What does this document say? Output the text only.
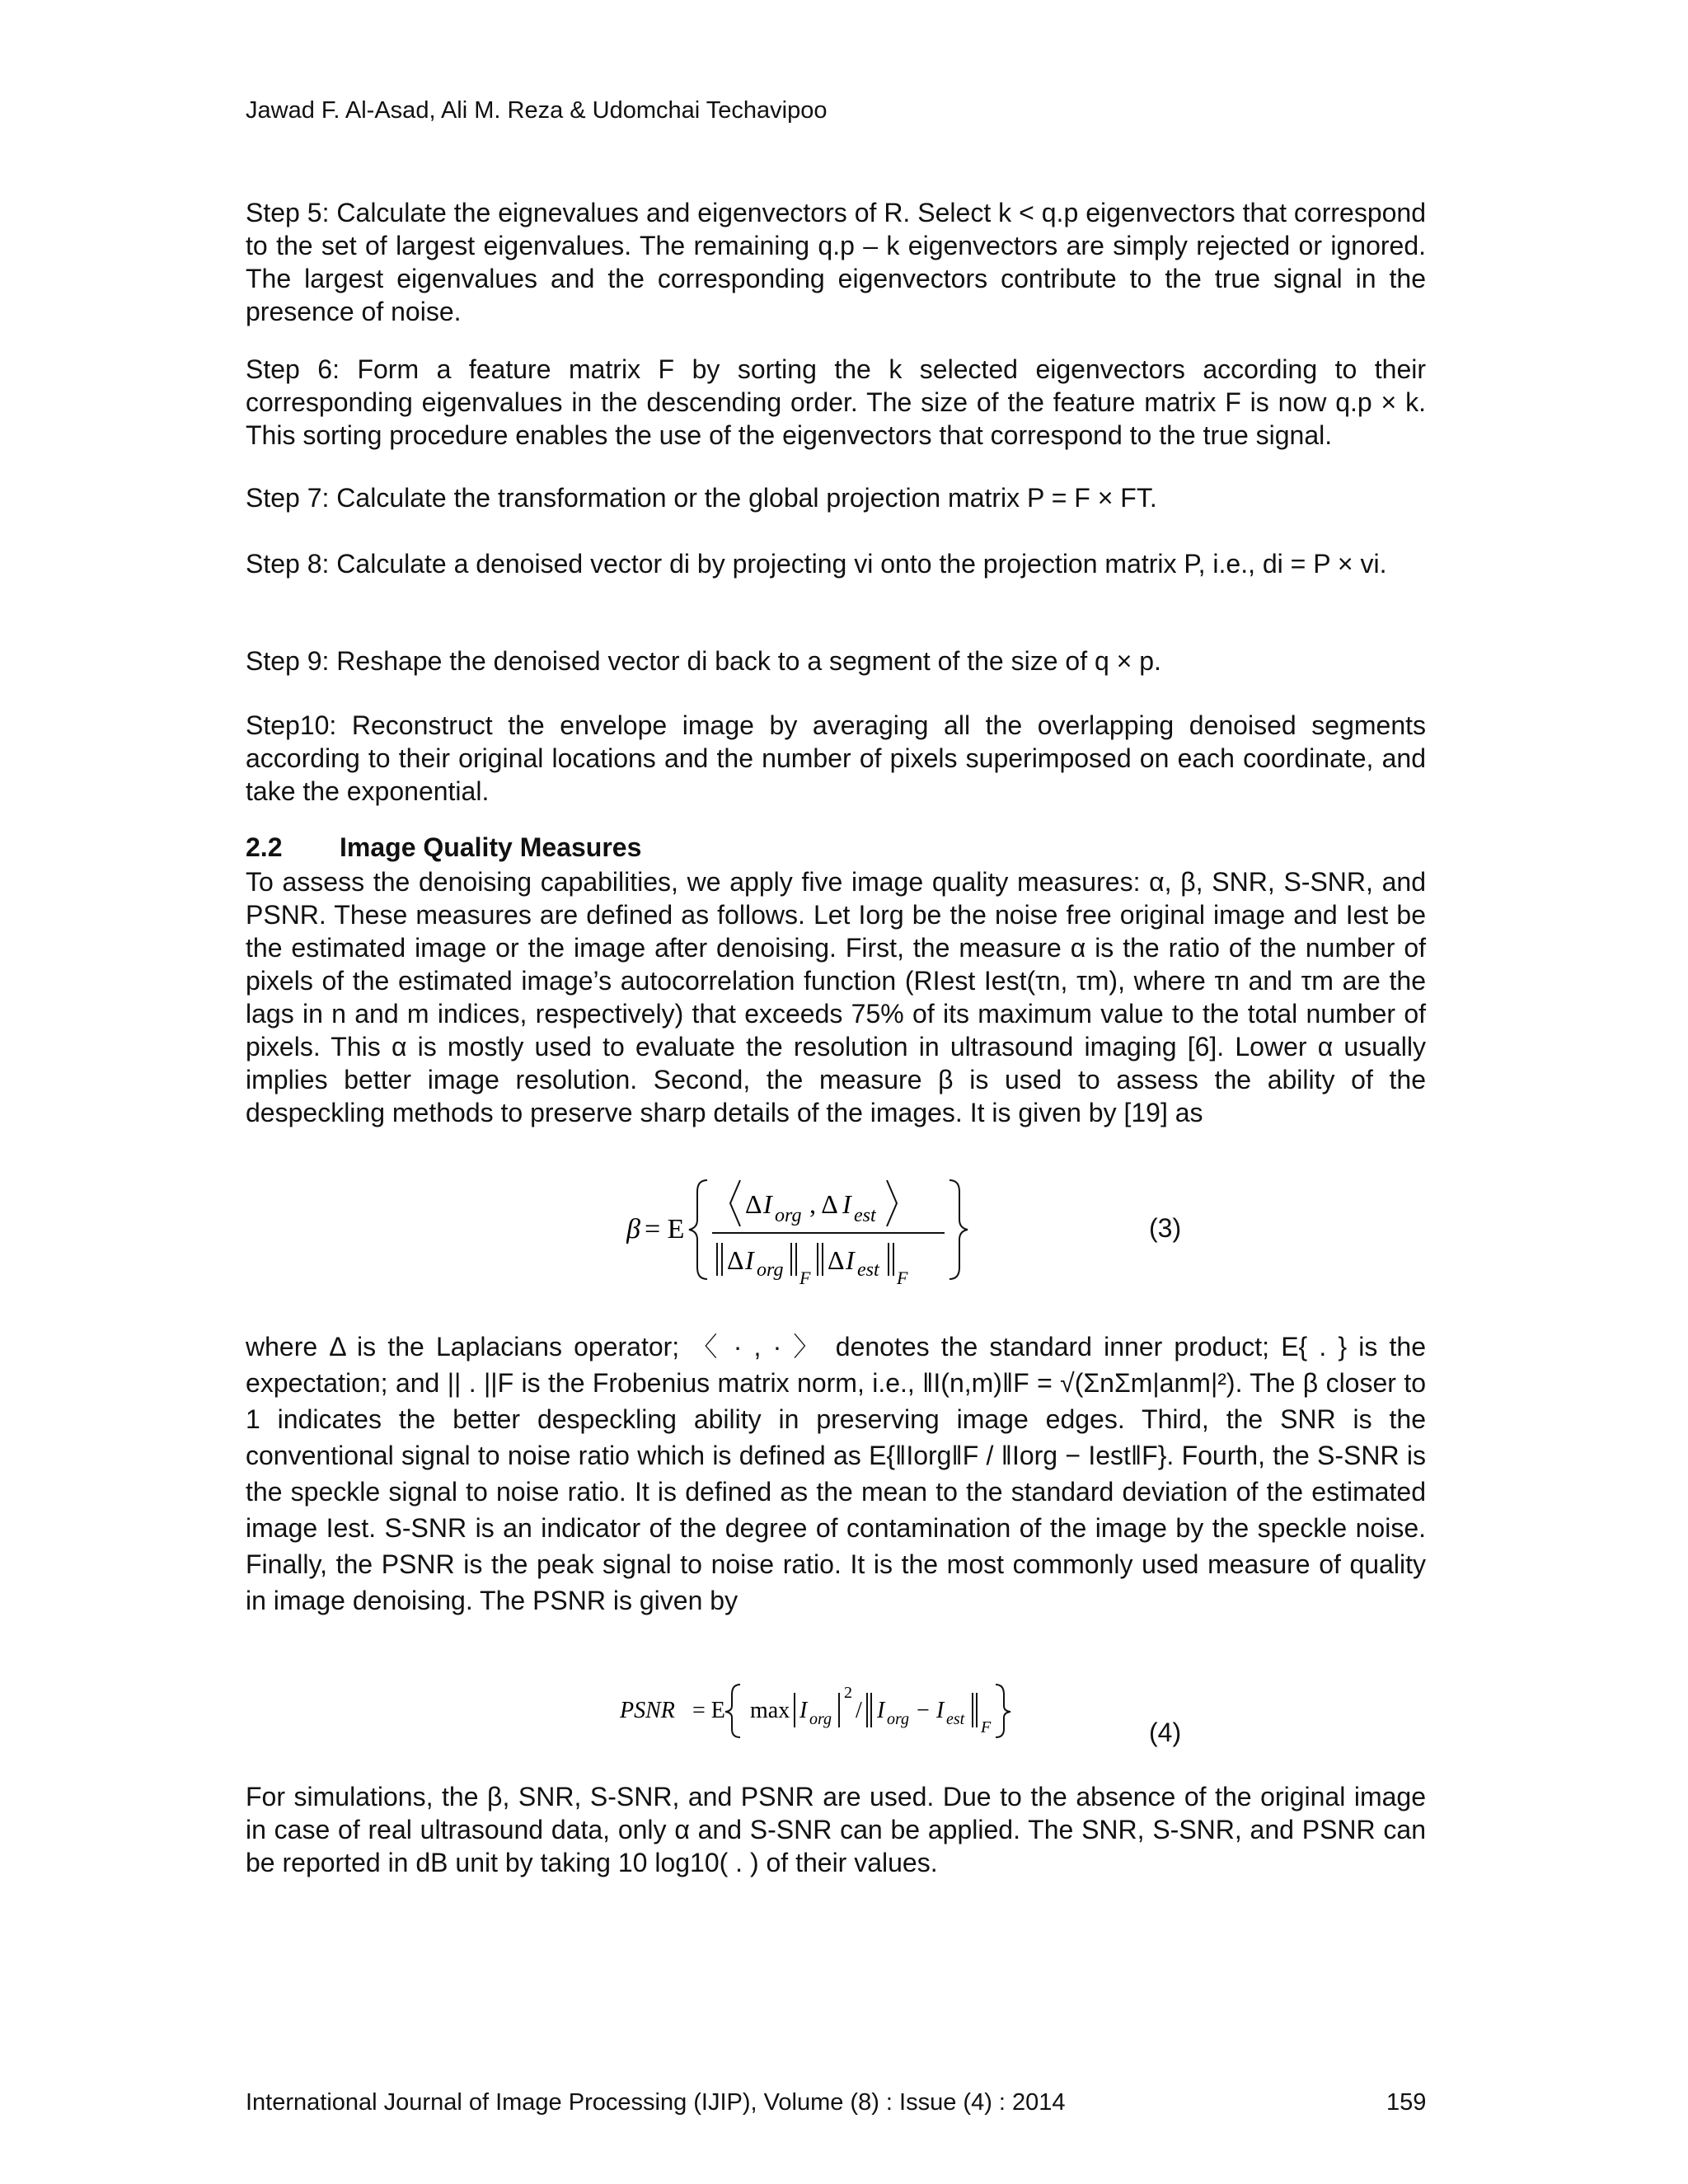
Jawad F. Al-Asad, Ali M. Reza & Udomchai Techavipoo

Step 5: Calculate the eignevalues and eigenvectors of R. Select k < q.p eigenvectors that correspond to the set of largest eigenvalues. The remaining q.p – k eigenvectors are simply rejected or ignored. The largest eigenvalues and the corresponding eigenvectors contribute to the true signal in the presence of noise.

Step 6: Form a feature matrix F by sorting the k selected eigenvectors according to their corresponding eigenvalues in the descending order. The size of the feature matrix F is now q.p × k. This sorting procedure enables the use of the eigenvectors that correspond to the true signal.

Step 7: Calculate the transformation or the global projection matrix P = F × FT.

Step 8: Calculate a denoised vector di by projecting vi onto the projection matrix P, i.e., di = P × vi.

Step 9: Reshape the denoised vector di back to a segment of the size of q × p.

Step10: Reconstruct the envelope image by averaging all the overlapping denoised segments according to their original locations and the number of pixels superimposed on each coordinate, and take the exponential.

2.2 Image Quality Measures

To assess the denoising capabilities, we apply five image quality measures: α, β, SNR, S-SNR, and PSNR. These measures are defined as follows. Let Iorg be the noise free original image and Iest be the estimated image or the image after denoising. First, the measure α is the ratio of the number of pixels of the estimated image’s autocorrelation function (RIest Iest(τn, τm), where τn and τm are the lags in n and m indices, respectively) that exceeds 75% of its maximum value to the total number of pixels. This α is mostly used to evaluate the resolution in ultrasound imaging [6]. Lower α usually implies better image resolution. Second, the measure β is used to assess the ability of the despeckling methods to preserve sharp details of the images. It is given by [19] as

β = E
Δ I org , Δ I est
Δ I org F
Δ I est F
(3)

where Δ is the Laplacians operator; 〈 · , · 〉 denotes the standard inner product; E{ . } is the expectation; and || . ||F is the Frobenius matrix norm, i.e., ‖I(n,m)‖F = √(ΣnΣm|anm|²). The β closer to 1 indicates the better despeckling ability in preserving image edges. Third, the SNR is the conventional signal to noise ratio which is defined as E{‖Iorg‖F / ‖Iorg − Iest‖F}. Fourth, the S-SNR is the speckle signal to noise ratio. It is defined as the mean to the standard deviation of the estimated image Iest. S-SNR is an indicator of the degree of contamination of the image by the speckle noise. Finally, the PSNR is the peak signal to noise ratio. It is the most commonly used measure of quality in image denoising. The PSNR is given by

PSNR = E max I org
2
/ I org − I est F	(4)

For simulations, the β, SNR, S-SNR, and PSNR are used. Due to the absence of the original image in case of real ultrasound data, only α and S-SNR can be applied. The SNR, S-SNR, and PSNR can be reported in dB unit by taking 10 log10( . ) of their values.

International Journal of Image Processing (IJIP), Volume (8) : Issue (4) : 2014	159
